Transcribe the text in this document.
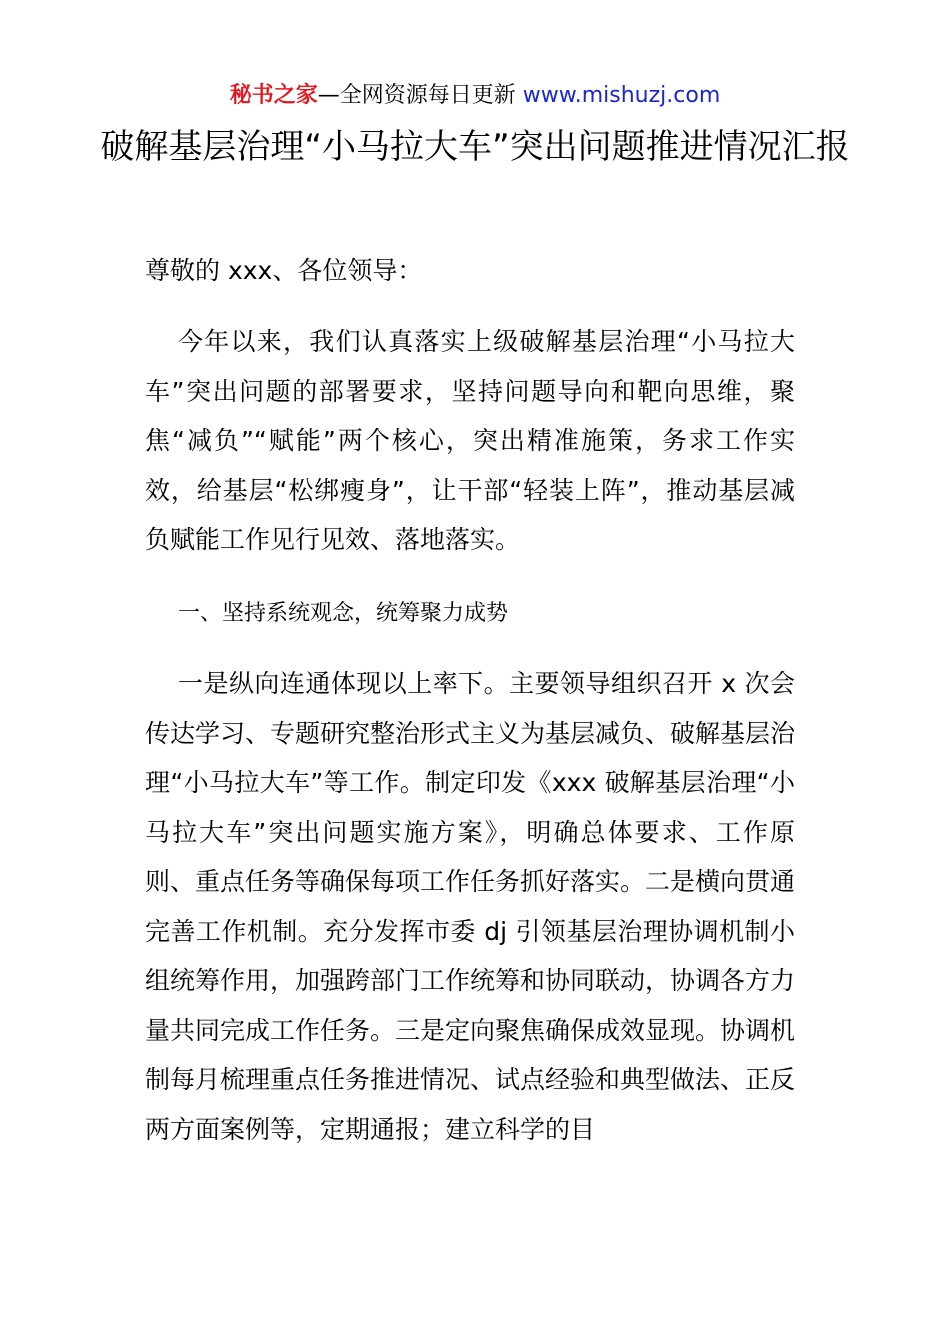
秘书之家—全网资源每日更新 www.mishuzj.com
破解基层治理“小马拉大车”突出问题推进情况汇报

尊敬的 xxx、各位领导：

今年以来，我们认真落实上级破解基层治理“小马拉大车”突出问题的部署要求，坚持问题导向和靶向思维，聚焦“减负”“赋能”两个核心，突出精准施策，务求工作实效，给基层“松绑瘦身”，让干部“轻装上阵”，推动基层减负赋能工作见行见效、落地落实。

一、坚持系统观念，统筹聚力成势

一是纵向连通体现以上率下。主要领导组织召开 x 次会传达学习、专题研究整治形式主义为基层减负、破解基层治理“小马拉大车”等工作。制定印发《xxx 破解基层治理“小马拉大车”突出问题实施方案》，明确总体要求、工作原则、重点任务等确保每项工作任务抓好落实。二是横向贯通完善工作机制。充分发挥市委 dj 引领基层治理协调机制小组统筹作用，加强跨部门工作统筹和协同联动，协调各方力量共同完成工作任务。三是定向聚焦确保成效显现。协调机制每月梳理重点任务推进情况、试点经验和典型做法、正反两方面案例等，定期通报；建立科学的目
